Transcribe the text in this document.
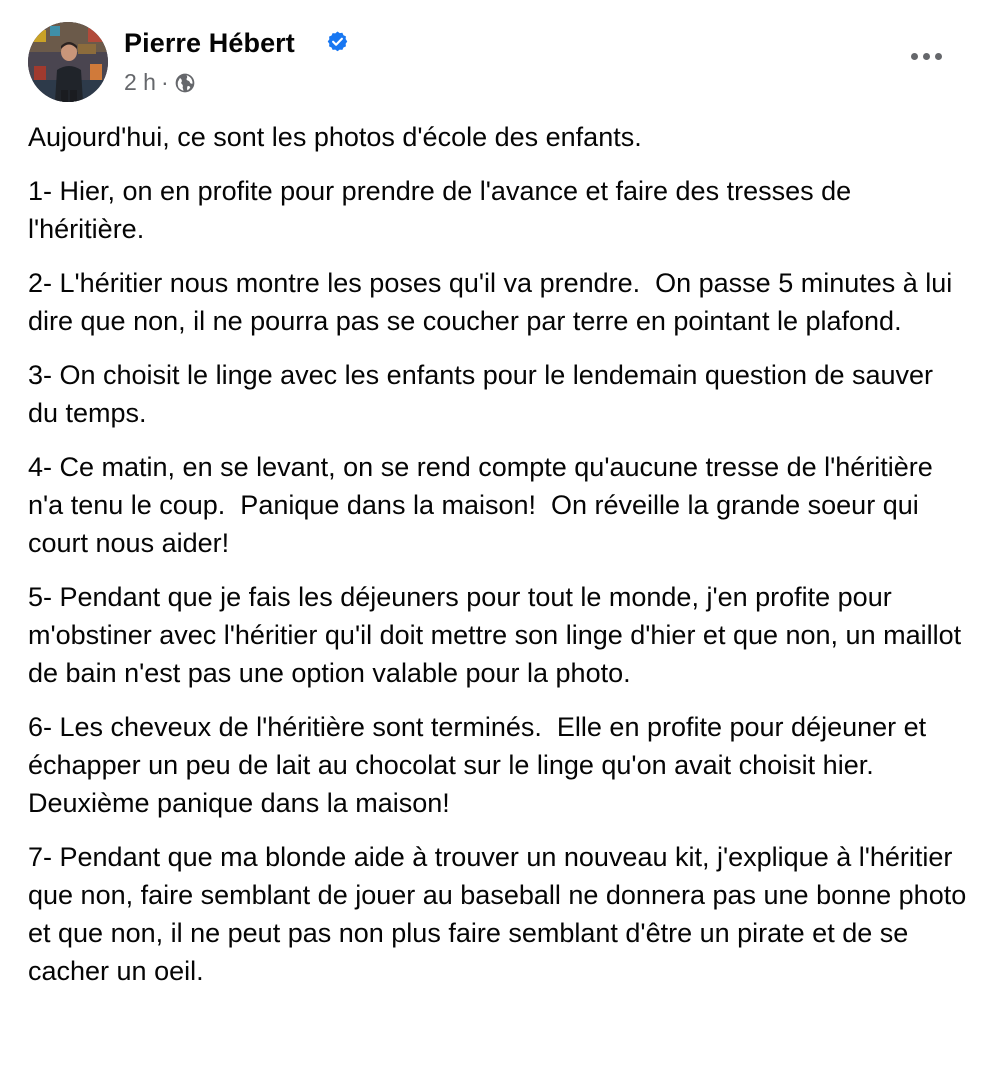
Pierre Hébert
2 h ·

Aujourd'hui, ce sont les photos d'école des enfants.

1- Hier, on en profite pour prendre de l'avance et faire des tresses de l'héritière.

2- L'héritier nous montre les poses qu'il va prendre.  On passe 5 minutes à lui dire que non, il ne pourra pas se coucher par terre en pointant le plafond.

3- On choisit le linge avec les enfants pour le lendemain question de sauver du temps.

4- Ce matin, en se levant, on se rend compte qu'aucune tresse de l'héritière n'a tenu le coup.  Panique dans la maison!  On réveille la grande soeur qui court nous aider!

5- Pendant que je fais les déjeuners pour tout le monde, j'en profite pour m'obstiner avec l'héritier qu'il doit mettre son linge d'hier et que non, un maillot de bain n'est pas une option valable pour la photo.

6- Les cheveux de l'héritière sont terminés.  Elle en profite pour déjeuner et échapper un peu de lait au chocolat sur le linge qu'on avait choisit hier.  Deuxième panique dans la maison!

7- Pendant que ma blonde aide à trouver un nouveau kit, j'explique à l'héritier que non, faire semblant de jouer au baseball ne donnera pas une bonne photo et que non, il ne peut pas non plus faire semblant d'être un pirate et de se cacher un oeil.
